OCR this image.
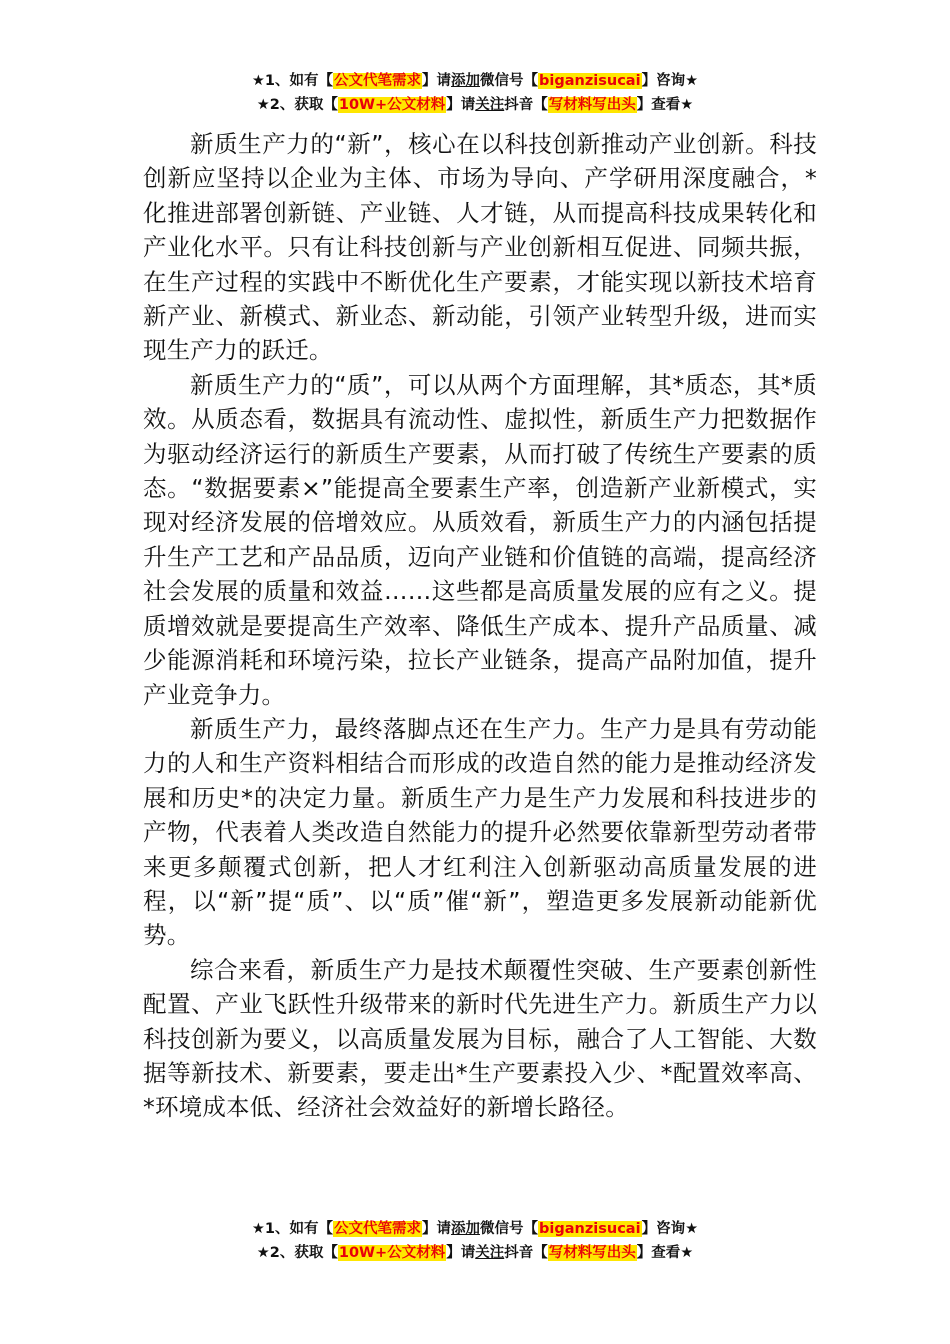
★1、如有【公文代笔需求】请添加微信号【biganzisucai】咨询★
★2、获取【10W+公文材料】请关注抖音【写材料写出头】查看★

新质生产力的“新”，核心在以科技创新推动产业创新。科技创新应坚持以企业为主体、市场为导向、产学研用深度融合，*化推进部署创新链、产业链、人才链，从而提高科技成果转化和产业化水平。只有让科技创新与产业创新相互促进、同频共振，在生产过程的实践中不断优化生产要素，才能实现以新技术培育新产业、新模式、新业态、新动能，引领产业转型升级，进而实现生产力的跃迁。

新质生产力的“质”，可以从两个方面理解，其*质态，其*质效。从质态看，数据具有流动性、虚拟性，新质生产力把数据作为驱动经济运行的新质生产要素，从而打破了传统生产要素的质态。“数据要素×”能提高全要素生产率，创造新产业新模式，实现对经济发展的倍增效应。从质效看，新质生产力的内涵包括提升生产工艺和产品品质，迈向产业链和价值链的高端，提高经济社会发展的质量和效益……这些都是高质量发展的应有之义。提质增效就是要提高生产效率、降低生产成本、提升产品质量、减少能源消耗和环境污染，拉长产业链条，提高产品附加值，提升产业竞争力。

新质生产力，最终落脚点还在生产力。生产力是具有劳动能力的人和生产资料相结合而形成的改造自然的能力是推动经济发展和历史*的决定力量。新质生产力是生产力发展和科技进步的产物，代表着人类改造自然能力的提升必然要依靠新型劳动者带来更多颠覆式创新，把人才红利注入创新驱动高质量发展的进程，以“新”提“质”、以“质”催“新”，塑造更多发展新动能新优势。

综合来看，新质生产力是技术颠覆性突破、生产要素创新性配置、产业飞跃性升级带来的新时代先进生产力。新质生产力以科技创新为要义，以高质量发展为目标，融合了人工智能、大数据等新技术、新要素，要走出*生产要素投入少、*配置效率高、*环境成本低、经济社会效益好的新增长路径。

★1、如有【公文代笔需求】请添加微信号【biganzisucai】咨询★
★2、获取【10W+公文材料】请关注抖音【写材料写出头】查看★
